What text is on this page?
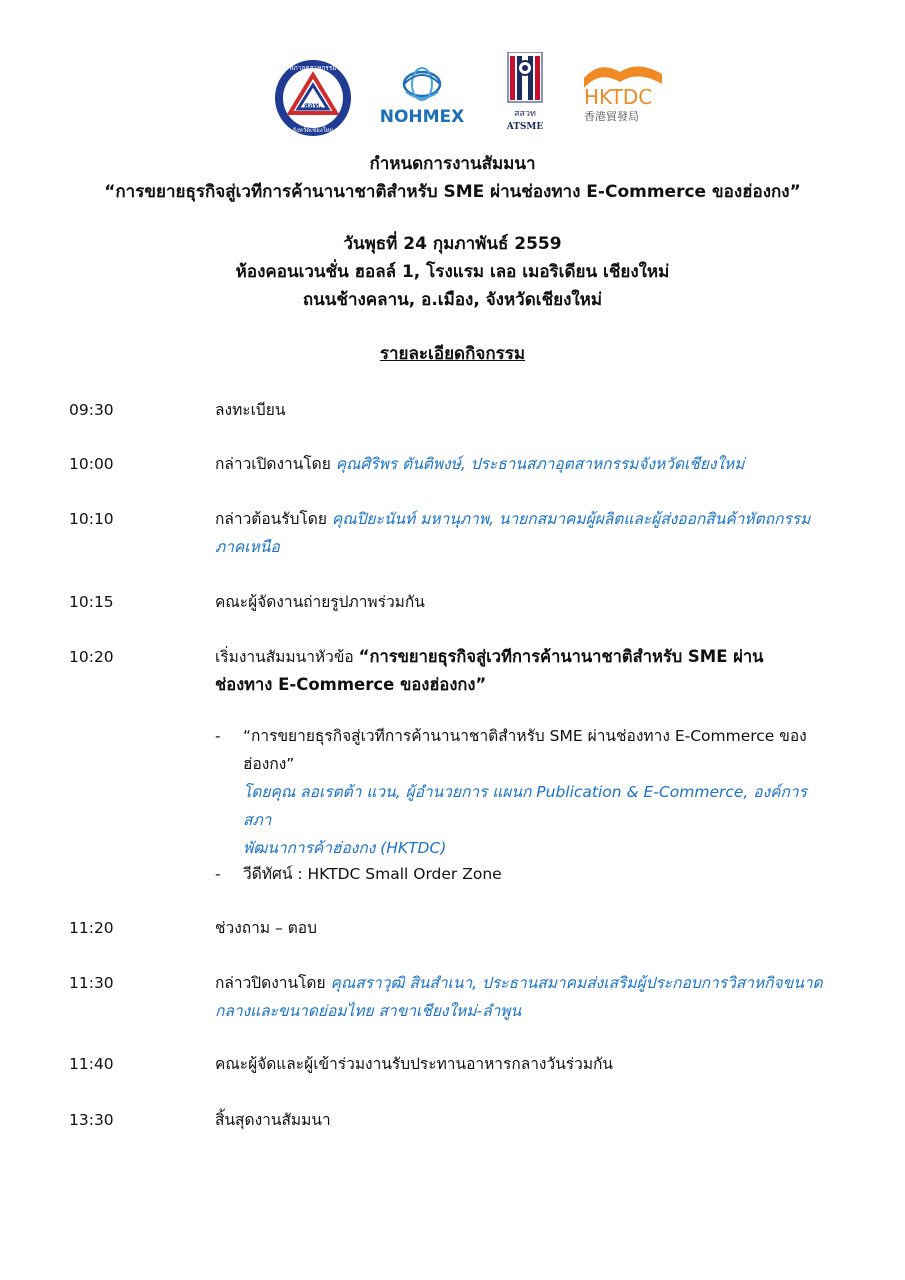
สภาอุตสาหกรรม
สอท.
จังหวัดเชียงใหม่
NOHMEX	สสวท
ATSME
HKTDC
香港貿發局
กำหนดการงานสัมมนา
“การขยายธุรกิจสู่เวทีการค้านานาชาติสำหรับ SME ผ่านช่องทาง E-Commerce ของฮ่องกง”
วันพุธที่ 24 กุมภาพันธ์ 2559
ห้องคอนเวนชั่น ฮอลล์ 1, โรงแรม เลอ เมอริเดียน เชียงใหม่
ถนนช้างคลาน, อ.เมือง, จังหวัดเชียงใหม่
รายละเอียดกิจกรรม
09:30	ลงทะเบียน
10:00	กล่าวเปิดงานโดย คุณศิริพร ตันติพงษ์, ประธานสภาอุตสาหกรรมจังหวัดเชียงใหม่
10:10	กล่าวต้อนรับโดย คุณปิยะนันท์ มหานุภาพ, นายกสมาคมผู้ผลิตและผู้ส่งออกสินค้าหัตถกรรม
ภาคเหนือ
10:15	คณะผู้จัดงานถ่ายรูปภาพร่วมกัน
10:20	เริ่มงานสัมมนาหัวข้อ “การขยายธุรกิจสู่เวทีการค้านานาชาติสำหรับ SME ผ่าน
ช่องทาง E-Commerce ของฮ่องกง”
- “การขยายธุรกิจสู่เวทีการค้านานาชาติสำหรับ SME ผ่านช่องทาง E-Commerce ของ
ฮ่องกง”
โดยคุณ ลอเรตต้า แวน, ผู้อำนวยการ แผนก Publication & E-Commerce, องค์การสภา
พัฒนาการค้าฮ่องกง (HKTDC)
- วีดีทัศน์ : HKTDC Small Order Zone
11:20	ช่วงถาม – ตอบ
11:30	กล่าวปิดงานโดย คุณสราวุฒิ สินสำเนา, ประธานสมาคมส่งเสริมผู้ประกอบการวิสาหกิจขนาด
กลางและขนาดย่อมไทย สาขาเชียงใหม่-ลำพูน
11:40	คณะผู้จัดและผู้เข้าร่วมงานรับประทานอาหารกลางวันร่วมกัน
13:30	สิ้นสุดงานสัมมนา
